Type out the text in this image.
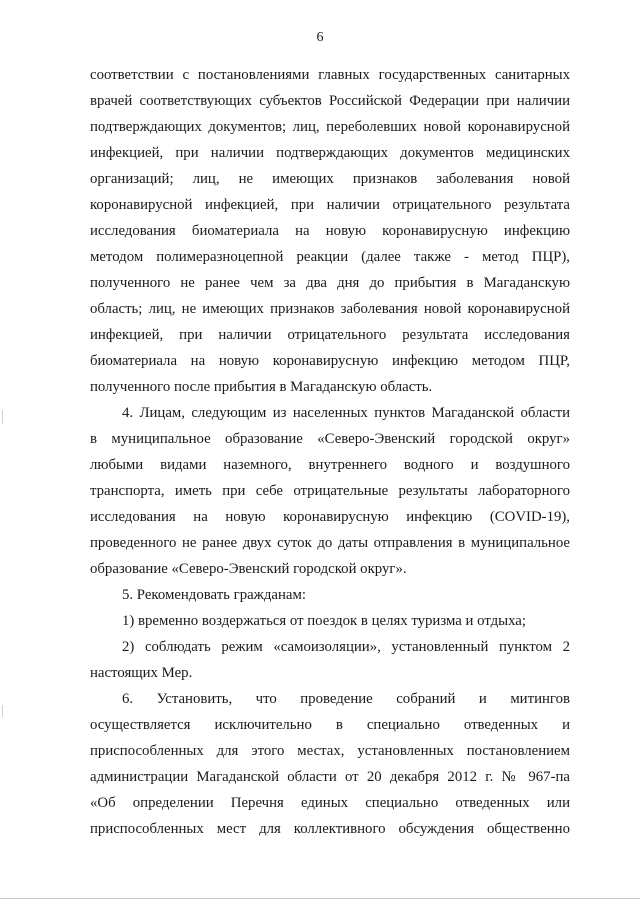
6
соответствии с постановлениями главных государственных санитарных
врачей соответствующих субъектов Российской Федерации при наличии
подтверждающих документов; лиц, переболевших новой коронавирусной
инфекцией, при наличии подтверждающих документов медицинских
организаций; лиц, не имеющих признаков заболевания новой
коронавирусной инфекцией, при наличии отрицательного результата
исследования биоматериала на новую коронавирусную инфекцию
методом полимеразноцепной реакции (далее также - метод ПЦР),
полученного не ранее чем за два дня до прибытия в Магаданскую
область; лиц, не имеющих признаков заболевания новой коронавирусной
инфекцией, при наличии отрицательного результата исследования
биоматериала на новую коронавирусную инфекцию методом ПЦР,
полученного после прибытия в Магаданскую область.
4. Лицам, следующим из населенных пунктов Магаданской области
в муниципальное образование «Северо-Эвенский городской округ»
любыми видами наземного, внутреннего водного и воздушного
транспорта, иметь при себе отрицательные результаты лабораторного
исследования на новую коронавирусную инфекцию (COVID-19),
проведенного не ранее двух суток до даты отправления в муниципальное
образование «Северо-Эвенский городской округ».
5. Рекомендовать гражданам:
1) временно воздержаться от поездок в целях туризма и отдыха;
2) соблюдать режим «самоизоляции», установленный пунктом 2
настоящих Мер.
6. Установить, что проведение собраний и митингов
осуществляется исключительно в специально отведенных и
приспособленных для этого местах, установленных постановлением
администрации Магаданской области от 20 декабря 2012 г. № 967-па
«Об определении Перечня единых специально отведенных или
приспособленных мест для коллективного обсуждения общественно
